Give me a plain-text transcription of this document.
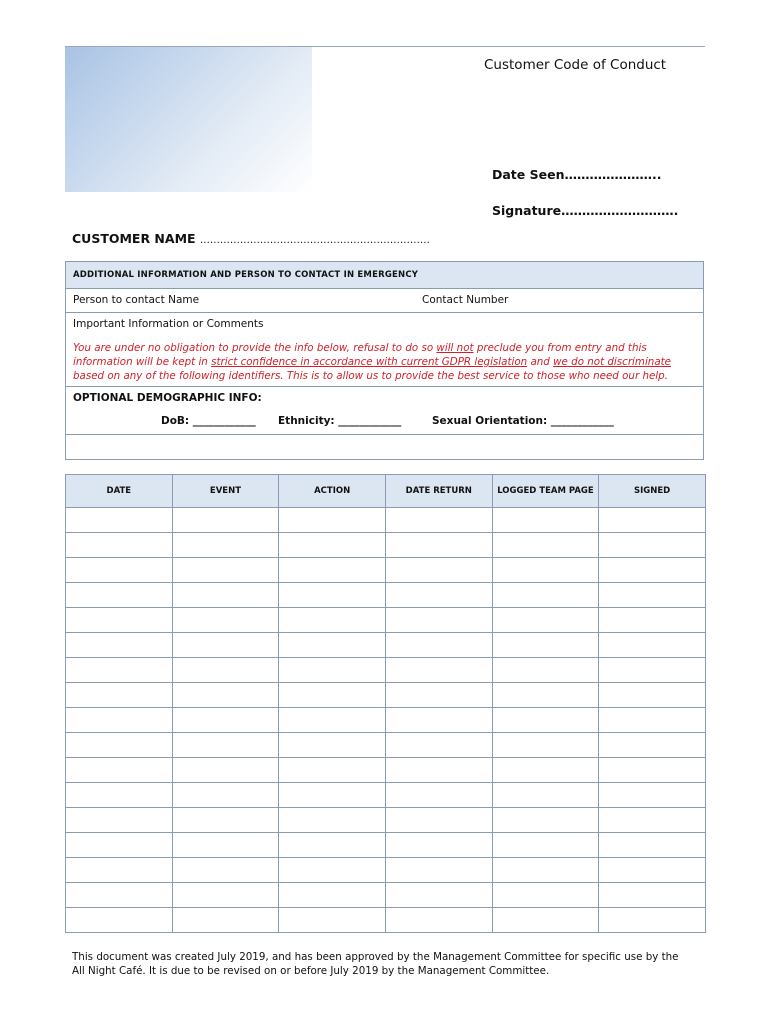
Customer Code of Conduct
Date Seen…………………..
Signature……………………….
CUSTOMER NAME ……………………………………………………………
ADDITIONAL INFORMATION AND PERSON TO CONTACT IN EMERGENCY
Person to contact Name	Contact Number
Important Information or Comments

You are under no obligation to provide the info below, refusal to do so will not preclude you from entry and this information will be kept in strict confidence in accordance with current GDPR legislation and we do not discriminate based on any of the following identifiers. This is to allow us to provide the best service to those who need our help.

OPTIONAL DEMOGRAPHIC INFO:
DoB: ____________ Ethnicity: ____________	Sexual Orientation: ____________
DATE	EVENT	ACTION	DATE RETURN	LOGGED TEAM PAGE	SIGNED

This document was created July 2019, and has been approved by the Management Committee for specific use by the All Night Café. It is due to be revised on or before July 2019 by the Management Committee.
